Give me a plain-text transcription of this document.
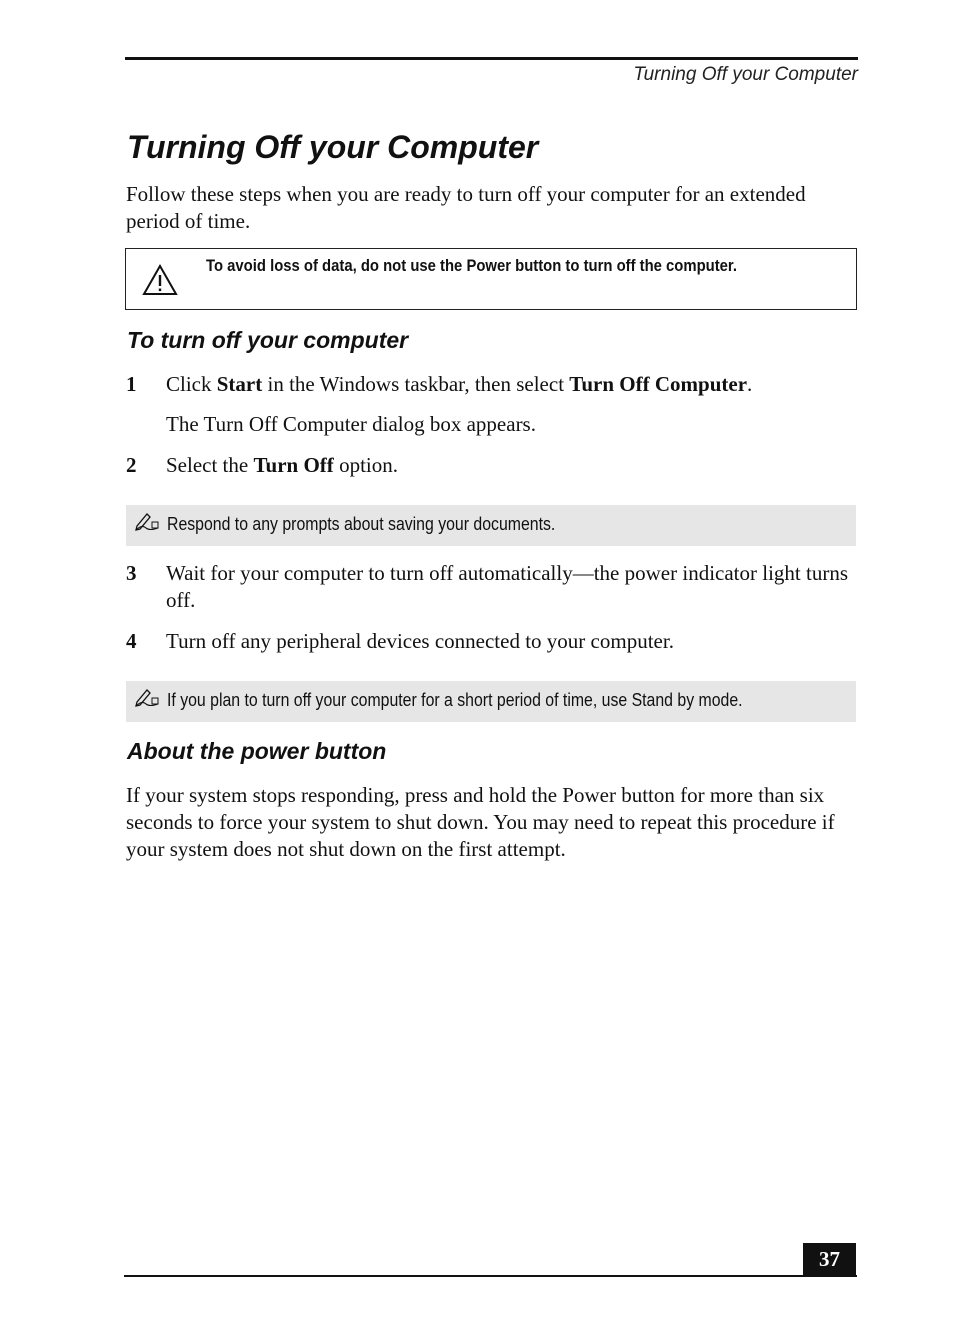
Turning Off your Computer
Turning Off your Computer

Follow these steps when you are ready to turn off your computer for an extended period of time.

To avoid loss of data, do not use the Power button to turn off the computer.
To turn off your computer
1 Click Start in the Windows taskbar, then select Turn Off Computer.
The Turn Off Computer dialog box appears.
2 Select the Turn Off option.
Respond to any prompts about saving your documents.
3 Wait for your computer to turn off automatically—the power indicator light turns off.
4 Turn off any peripheral devices connected to your computer.
If you plan to turn off your computer for a short period of time, use Stand by mode.
About the power button

If your system stops responding, press and hold the Power button for more than six seconds to force your system to shut down. You may need to repeat this procedure if your system does not shut down on the first attempt.

37
